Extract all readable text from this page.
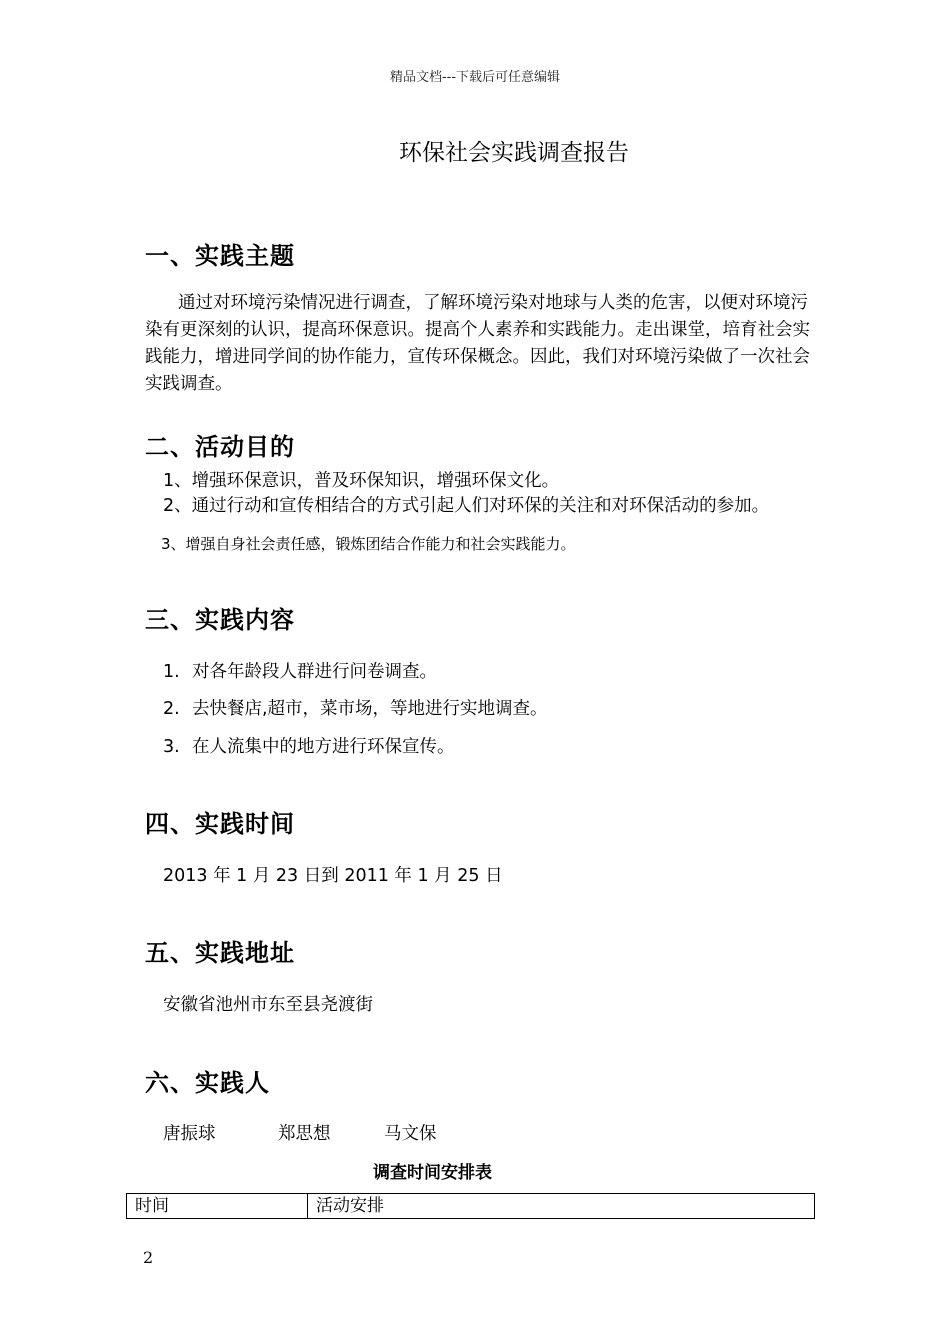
精品文档---下载后可任意编辑
环保社会实践调查报告
一、实践主题
通过对环境污染情况进行调查，了解环境污染对地球与人类的危害，以便对环境污染有更深刻的认识，提高环保意识。提高个人素养和实践能力。走出课堂，培育社会实践能力，增进同学间的协作能力，宣传环保概念。因此，我们对环境污染做了一次社会实践调查。
二、活动目的
1、增强环保意识，普及环保知识，增强环保文化。
2、通过行动和宣传相结合的方式引起人们对环保的关注和对环保活动的参加。
3、增强自身社会责任感，锻炼团结合作能力和社会实践能力。
三、实践内容
1. 对各年龄段人群进行问卷调查。
2. 去快餐店,超市，菜市场，等地进行实地调查。
3. 在人流集中的地方进行环保宣传。
四、实践时间
2013 年 1 月 23 日到 2011 年 1 月 25 日
五、实践地址
安徽省池州市东至县尧渡街
六、实践人
唐振球	郑思想	马文保
调查时间安排表
时间	活动安排
2
